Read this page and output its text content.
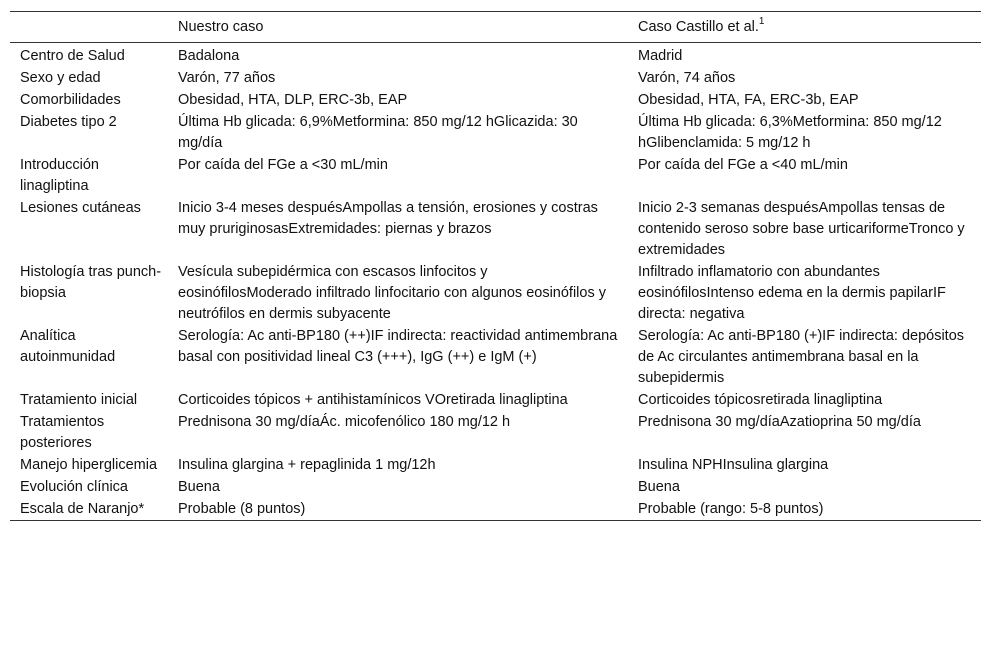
	Nuestro caso	Caso Castillo et al.$^1$
Centro de Salud	Badalona	Madrid
Sexo y edad	Varón, 77 años	Varón, 74 años
Comorbilidades	Obesidad, HTA, DLP, ERC-3b, EAP	Obesidad, HTA, FA, ERC-3b, EAP
Diabetes tipo 2	Última Hb glicada: 6,9%Metformina: 850 mg/12 hGlicazida: 30 mg/día	Última Hb glicada: 6,3%Metformina: 850 mg/12 hGlibenclamida: 5 mg/12 h
Introducción linagliptina	Por caída del FGe a <30 mL/min	Por caída del FGe a <40 mL/min
Lesiones cutáneas	Inicio 3-4 meses despuésAmpollas a tensión, erosiones y costras muy pruriginosasExtremidades: piernas y brazos	Inicio 2-3 semanas despuésAmpollas tensas de contenido seroso sobre base urticariformeTronco y extremidades
Histología tras punch-biopsia	Vesícula subepidérmica con escasos linfocitos y eosinófilosModerado infiltrado linfocitario con algunos eosinófilos y neutrófilos en dermis subyacente	Infiltrado inflamatorio con abundantes eosinófilosIntenso edema en la dermis papilarIF directa: negativa
Analítica autoinmunidad	Serología: Ac anti-BP180 (++)IF indirecta: reactividad antimembrana basal con positividad lineal C3 (+++), IgG (++) e IgM (+)	Serología: Ac anti-BP180 (+)IF indirecta: depósitos de Ac circulantes antimembrana basal en la subepidermis
Tratamiento inicial	Corticoides tópicos + antihistamínicos VOretirada linagliptina	Corticoides tópicosretirada linagliptina
Tratamientos posteriores	Prednisona 30 mg/díaÁc. micofenólico 180 mg/12 h	Prednisona 30 mg/díaAzatioprina 50 mg/día
Manejo hiperglicemia	Insulina glargina + repaglinida 1 mg/12h	Insulina NPHInsulina glargina
Evolución clínica	Buena	Buena
Escala de Naranjo*	Probable (8 puntos)	Probable (rango: 5-8 puntos)
